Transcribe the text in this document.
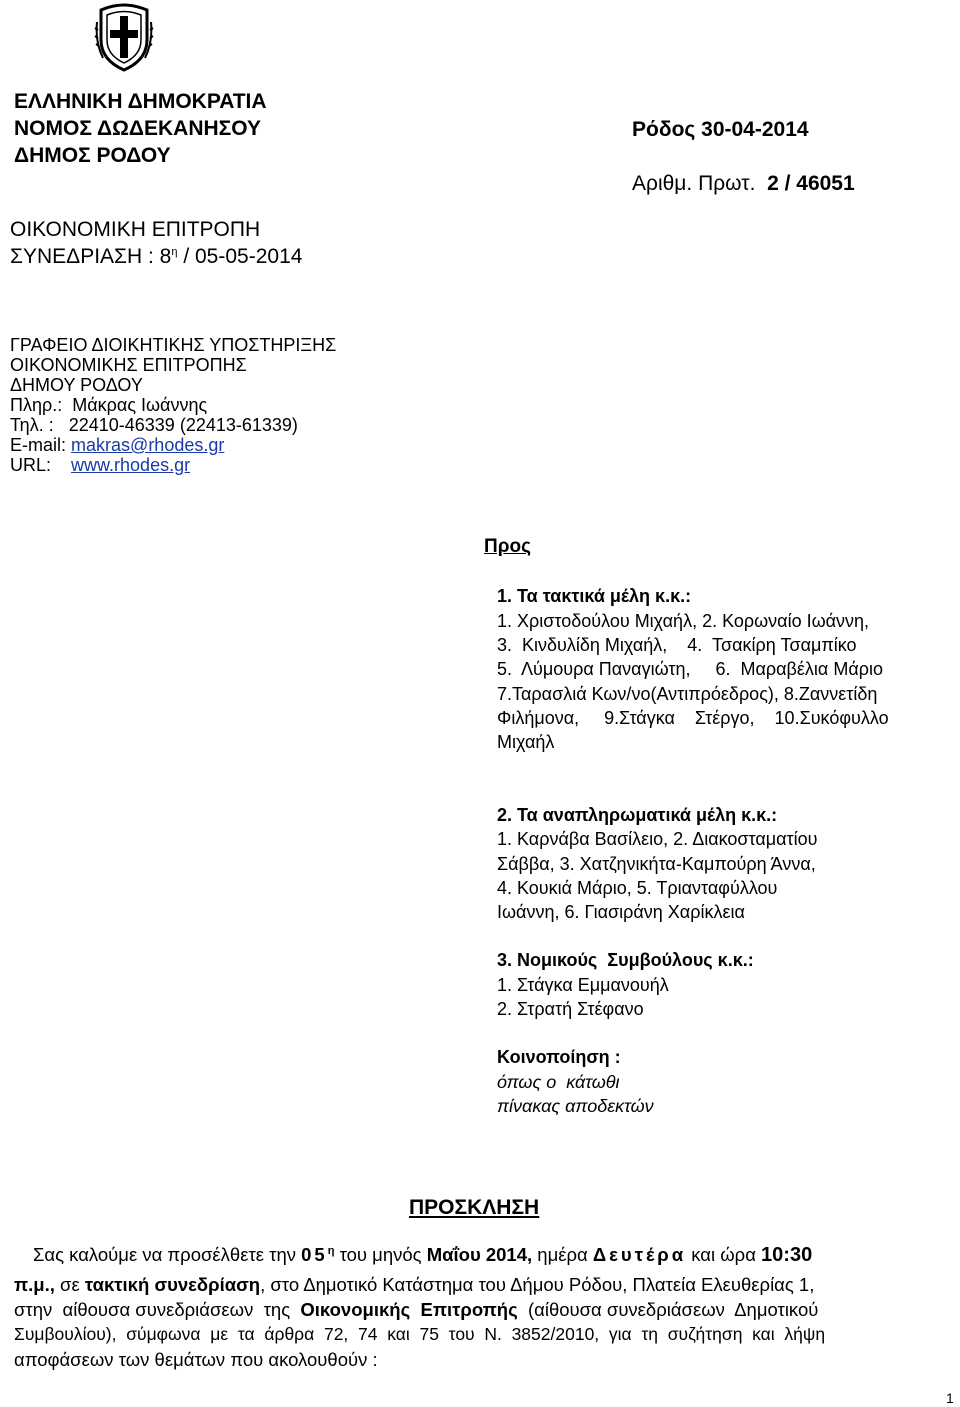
ΕΛΛΗΝΙΚΗ ΔΗΜΟΚΡΑΤΙΑ
ΝΟΜΟΣ ΔΩΔΕΚΑΝΗΣΟΥ
ΔΗΜΟΣ ΡΟΔΟΥ
Ρόδος 30-04-2014
Αριθμ. Πρωτ. 2 / 46051
ΟΙΚΟΝΟΜΙΚΗ ΕΠΙΤΡΟΠΗ
ΣΥΝΕΔΡΙΑΣΗ : $8^\eta / 05-05-2014$
ΓΡΑΦΕΙΟ ΔΙΟΙΚΗΤΙΚΗΣ ΥΠΟΣΤΗΡΙΞΗΣ
ΟΙΚΟΝΟΜΙΚΗΣ ΕΠΙΤΡΟΠΗΣ
ΔΗΜΟΥ ΡΟΔΟΥ
Πληρ.: Μάκρας Ιωάννης
Τηλ. : 22410-46339 (22413-61339)
E-mail: makras@rhodes.gr
URL: www.rhodes.gr
Προς
1. Τα τακτικά μέλη κ.κ.:
1. Χριστοδούλου Μιχαήλ, 2. Κορωναίο Ιωάννη,
3.  Κινδυλίδη Μιχαήλ,    4.  Τσακίρη Τσαμπίκο
5.  Λύμουρα Παναγιώτη,     6.  Μαραβέλια Μάριο
7.Ταρασλιά Κων/νο(Αντιπρόεδρος), 8.Ζαννετίδη
Φιλήμονα,     9.Στάγκα    Στέργο,    10.Συκόφυλλο
Μιχαήλ
2. Τα αναπληρωματικά μέλη κ.κ.:
1. Καρνάβα Βασίλειο, 2. Διακοσταματίου
Σάββα, 3. Χατζηνικήτα-Καμπούρη Άννα,
4. Κουκιά Μάριο, 5. Τριανταφύλλου
Ιωάννη, 6. Γιασιράνη Χαρίκλεια
3. Νομικούς  Συμβούλους κ.κ.:
1. Στάγκα Εμμανουήλ
2. Στρατή Στέφανο
Κοινοποίηση :
όπως ο  κάτωθι
πίνακας αποδεκτών
ΠΡΟΣΚΛΗΣΗ
Σας καλούμε να προσέλθετε την $05^\eta$ του μηνός Μαΐου 2014, ημέρα Δευτέρα και ώρα 10:30
π.μ., σε τακτική συνεδρίαση, στο Δημοτικό Κατάστημα του Δήμου Ρόδου, Πλατεία Ελευθερίας 1,
στην  αίθουσα συνεδριάσεων  της  Οικονομικής  Επιτροπής  (αίθουσα συνεδριάσεων  Δημοτικού
Συμβουλίου),  σύμφωνα  με  τα  άρθρα  72,  74  και  75  του  Ν.  3852/2010,  για  τη  συζήτηση  και  λήψη
αποφάσεων των θεμάτων που ακολουθούν :
1
